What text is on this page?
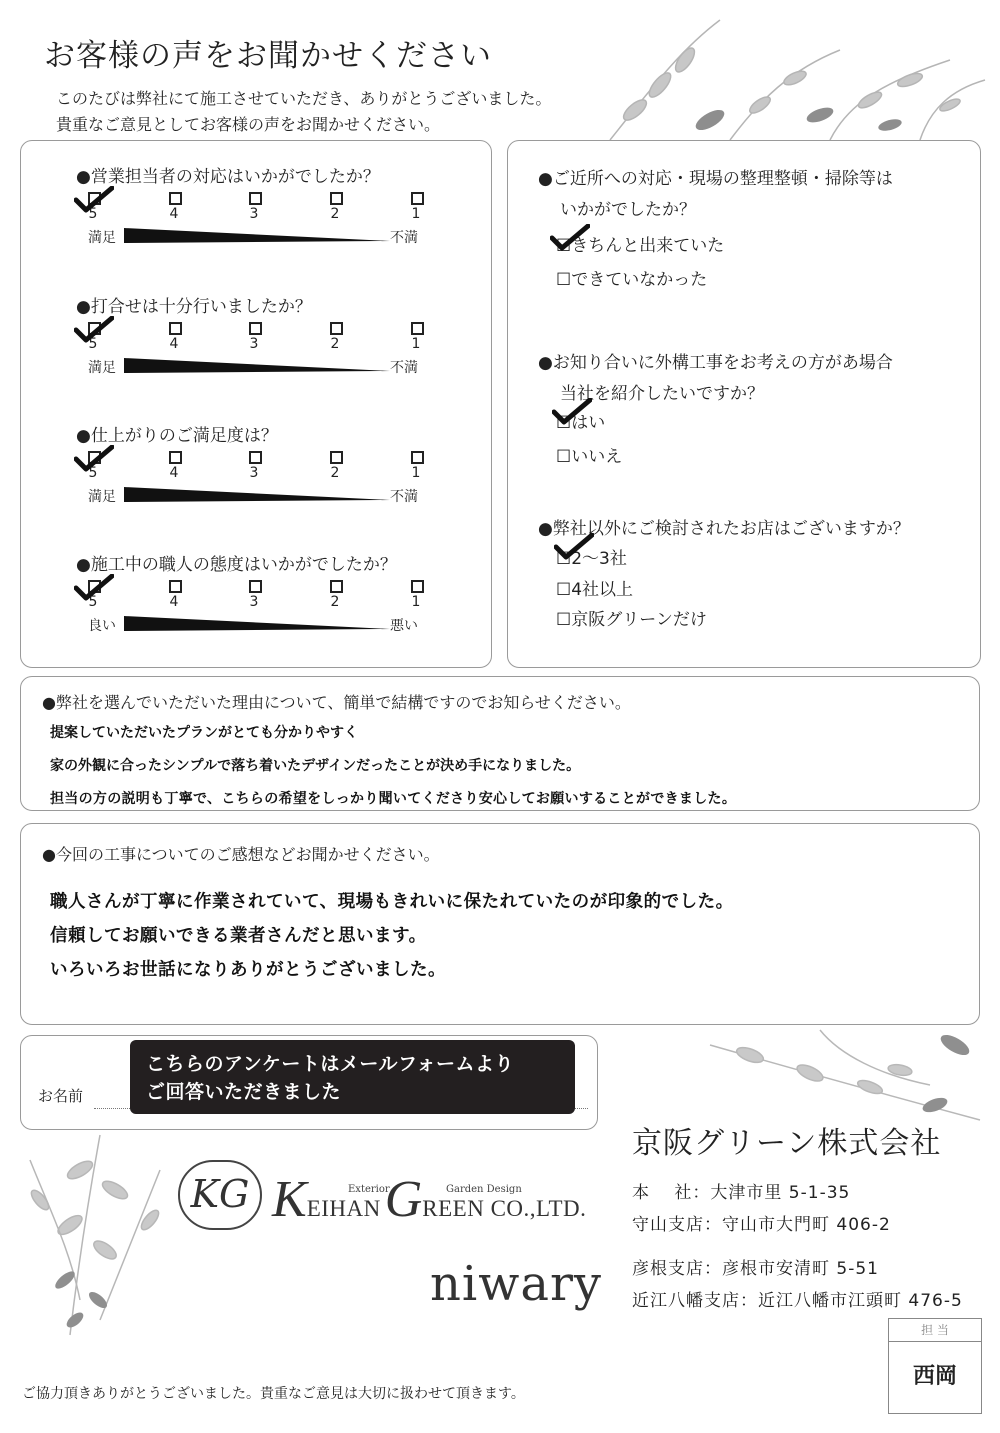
お客様の声をお聞かせください
このたびは弊社にて施工させていただき、ありがとうございました。
貴重なご意見としてお客様の声をお聞かせください。
●営業担当者の対応はいかがでしたか？
5	4	3	2	1
満足	不満
●打合せは十分行いましたか？
5	4	3	2	1
満足	不満
●仕上がりのご満足度は？
5	4	3	2	1
満足	不満
●施工中の職人の態度はいかがでしたか？
5	4	3	2	1
良い	悪い
●ご近所への対応・現場の整理整頓・掃除等は
いかがでしたか？
☐きちんと出来ていた
☐できていなかった
●お知り合いに外構工事をお考えの方があ場合
当社を紹介したいですか？
☐はい
☐いいえ
●弊社以外にご検討されたお店はございますか？
☐2～3社
☐4社以上
☐京阪グリーンだけ
●弊社を選んでいただいた理由について、簡単で結構ですのでお知らせください。
提案していただいたプランがとても分かりやすく
家の外観に合ったシンプルで落ち着いたデザインだったことが決め手になりました。
担当の方の説明も丁寧で、こちらの希望をしっかり聞いてくださり安心してお願いすることができました。
●今回の工事についてのご感想などお聞かせください。
職人さんが丁寧に作業されていて、現場もきれいに保たれていたのが印象的でした。
信頼してお願いできる業者さんだと思います。
いろいろお世話になりありがとうございました。
お名前
こちらのアンケートはメールフォームより
ご回答いただきました
KG	Exterior	Garden Design
KEIHAN GREEN CO.,LTD.
niwary
京阪グリーン株式会社
本　 社：大津市里 5-1-35
守山支店：守山市大門町 406-2
彦根支店：彦根市安清町 5-51
近江八幡支店：近江八幡市江頭町 476-5
担 当
西岡
ご協力頂きありがとうございました。貴重なご意見は大切に扱わせて頂きます。
